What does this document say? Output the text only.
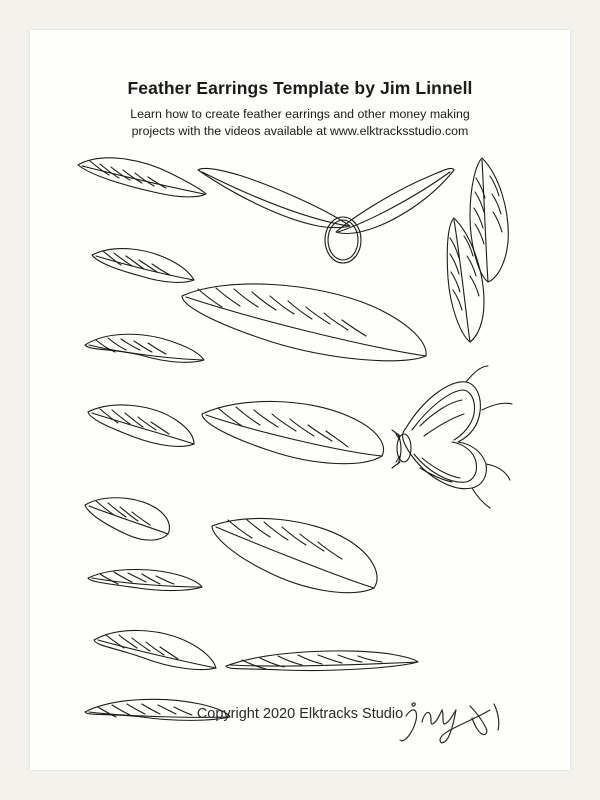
Feather Earrings Template by Jim Linnell
Learn how to create feather earrings and other money making
projects with the videos available at www.elktracksstudio.com
Copyright 2020 Elktracks Studio
